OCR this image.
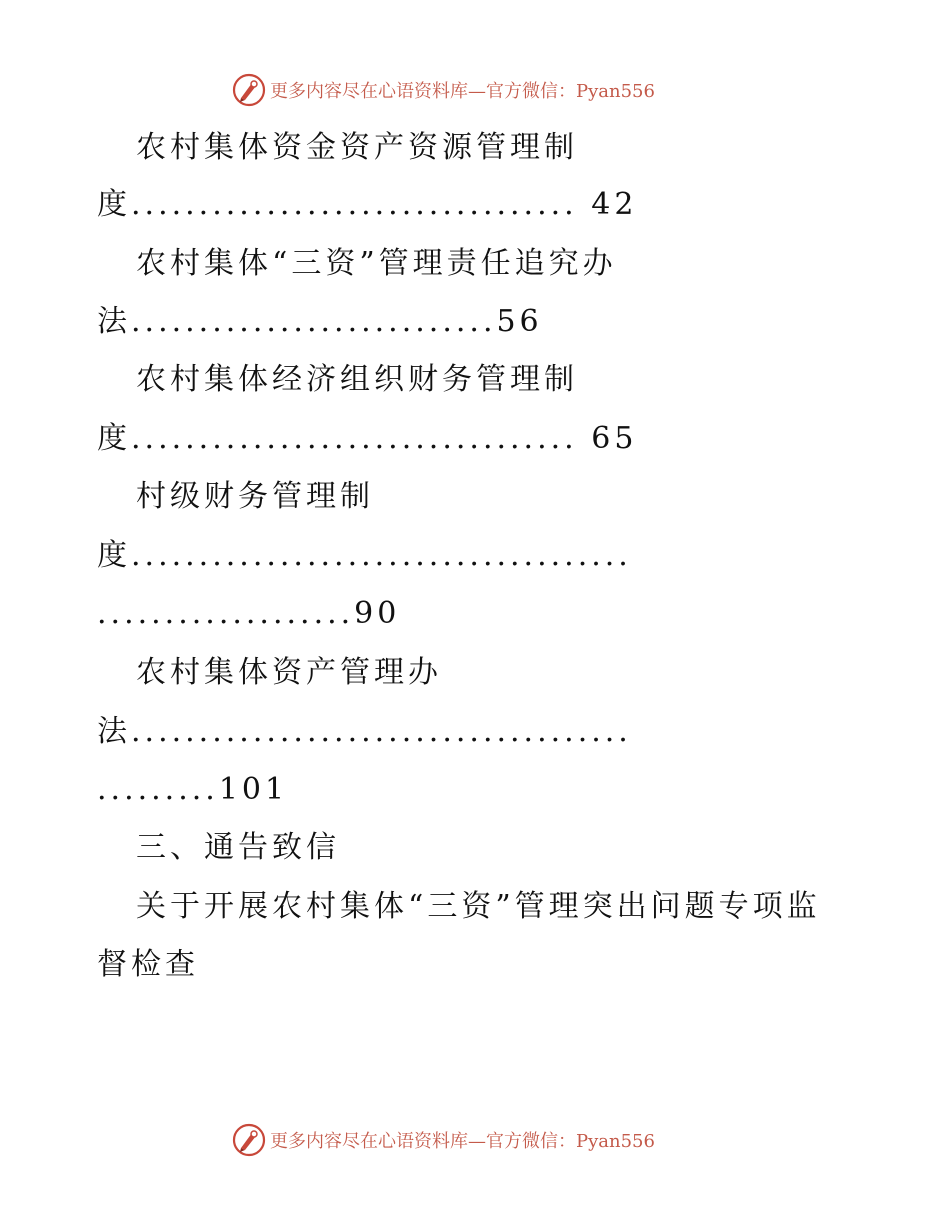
更多内容尽在心语资料库—官方微信：Pyan556
农村集体资金资产资源管理制
度................................. 42
农村集体“三资”管理责任追究办
法...........................56
农村集体经济组织财务管理制
度................................. 65
村级财务管理制
度.....................................
...................90
农村集体资产管理办
法.....................................
.........101
三、通告致信
关于开展农村集体“三资”管理突出问题专项监
督检查
更多内容尽在心语资料库—官方微信：Pyan556
